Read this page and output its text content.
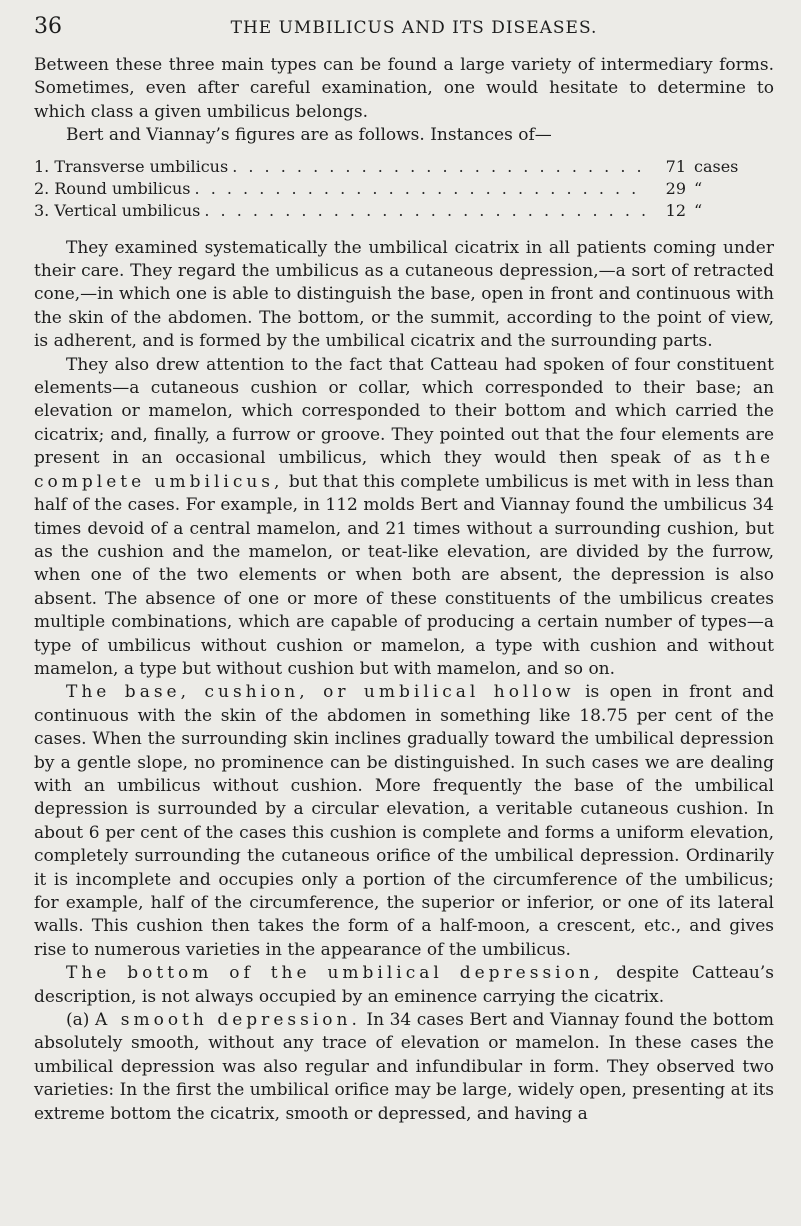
36	THE UMBILICUS AND ITS DISEASES.

Between these three main types can be found a large variety of intermediary forms. Sometimes, even after careful examination, one would hesitate to determine to which class a given umbilicus belongs.

Bert and Viannay’s figures are as follows. Instances of—

1. Transverse umbilicus . . .	71 cases
2. Round umbilicus . . .	29 “
3. Vertical umbilicus . . .	12 “

They examined systematically the umbilical cicatrix in all patients coming under their care. They regard the umbilicus as a cutaneous depression,—a sort of retracted cone,—in which one is able to distinguish the base, open in front and continuous with the skin of the abdomen. The bottom, or the summit, according to the point of view, is adherent, and is formed by the umbilical cicatrix and the surrounding parts.

They also drew attention to the fact that Catteau had spoken of four constituent elements—a cutaneous cushion or collar, which corresponded to their base; an elevation or mamelon, which corresponded to their bottom and which carried the cicatrix; and, finally, a furrow or groove. They pointed out that the four elements are present in an occasional umbilicus, which they would then speak of as the complete umbilicus, but that this complete umbilicus is met with in less than half of the cases. For example, in 112 molds Bert and Viannay found the umbilicus 34 times devoid of a central mamelon, and 21 times without a surrounding cushion, but as the cushion and the mamelon, or teat-like elevation, are divided by the furrow, when one of the two elements or when both are absent, the depression is also absent. The absence of one or more of these constituents of the umbilicus creates multiple combinations, which are capable of producing a certain number of types—a type of umbilicus without cushion or mamelon, a type with cushion and without mamelon, a type but without cushion but with mamelon, and so on.

The base, cushion, or umbilical hollow is open in front and continuous with the skin of the abdomen in something like 18.75 per cent of the cases. When the surrounding skin inclines gradually toward the umbilical depression by a gentle slope, no prominence can be distinguished. In such cases we are dealing with an umbilicus without cushion. More frequently the base of the umbilical depression is surrounded by a circular elevation, a veritable cutaneous cushion. In about 6 per cent of the cases this cushion is complete and forms a uniform elevation, completely surrounding the cutaneous orifice of the umbilical depression. Ordinarily it is incomplete and occupies only a portion of the circumference of the umbilicus; for example, half of the circumference, the superior or inferior, or one of its lateral walls. This cushion then takes the form of a half-moon, a crescent, etc., and gives rise to numerous varieties in the appearance of the umbilicus.

The bottom of the umbilical depression, despite Catteau’s description, is not always occupied by an eminence carrying the cicatrix.

(a) A smooth depression. In 34 cases Bert and Viannay found the bottom absolutely smooth, without any trace of elevation or mamelon. In these cases the umbilical depression was also regular and infundibular in form. They observed two varieties: In the first the umbilical orifice may be large, widely open, presenting at its extreme bottom the cicatrix, smooth or depressed, and having a
